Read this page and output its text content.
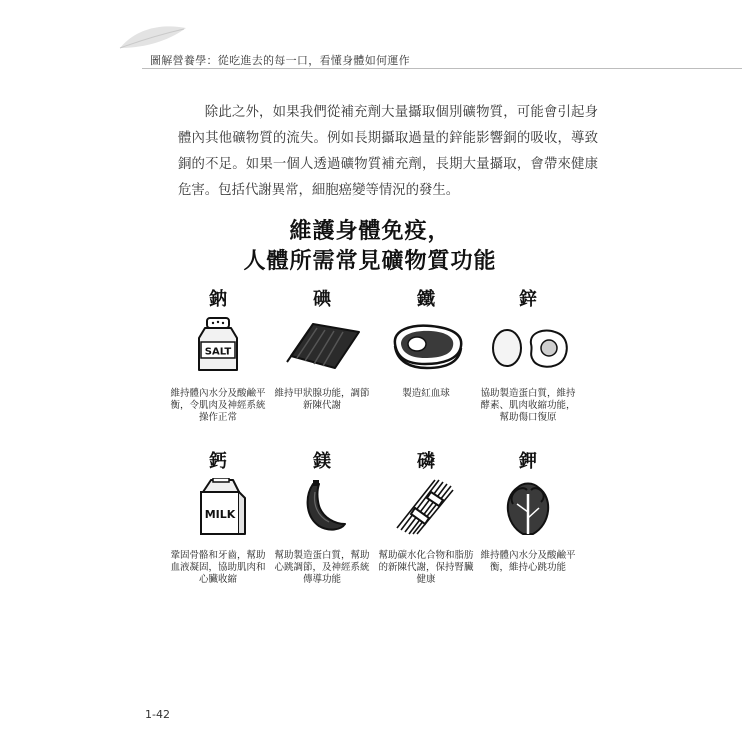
圖解營養學：從吃進去的每一口，看懂身體如何運作

除此之外，如果我們從補充劑大量攝取個別礦物質，可能會引起身體內其他礦物質的流失。例如長期攝取過量的鋅能影響銅的吸收，導致銅的不足。如果一個人透過礦物質補充劑，長期大量攝取，會帶來健康危害。包括代謝異常，細胞癌變等情況的發生。

維護身體免疫，
人體所需常見礦物質功能
鈉
SALT
維持體內水分及酸鹼平衡，令肌肉及神經系統操作正常
碘
維持甲狀腺功能，調節新陳代謝
鐵
製造紅血球
鋅
協助製造蛋白質，維持酵素、肌肉收縮功能，幫助傷口復原
鈣
MILK
鞏固骨骼和牙齒，幫助血液凝固，協助肌肉和心臟收縮
鎂
幫助製造蛋白質，幫助心跳調節，及神經系統傳導功能
磷
幫助碳水化合物和脂肪的新陳代謝，保持腎臟健康
鉀
維持體內水分及酸鹼平衡，維持心跳功能
1-42
